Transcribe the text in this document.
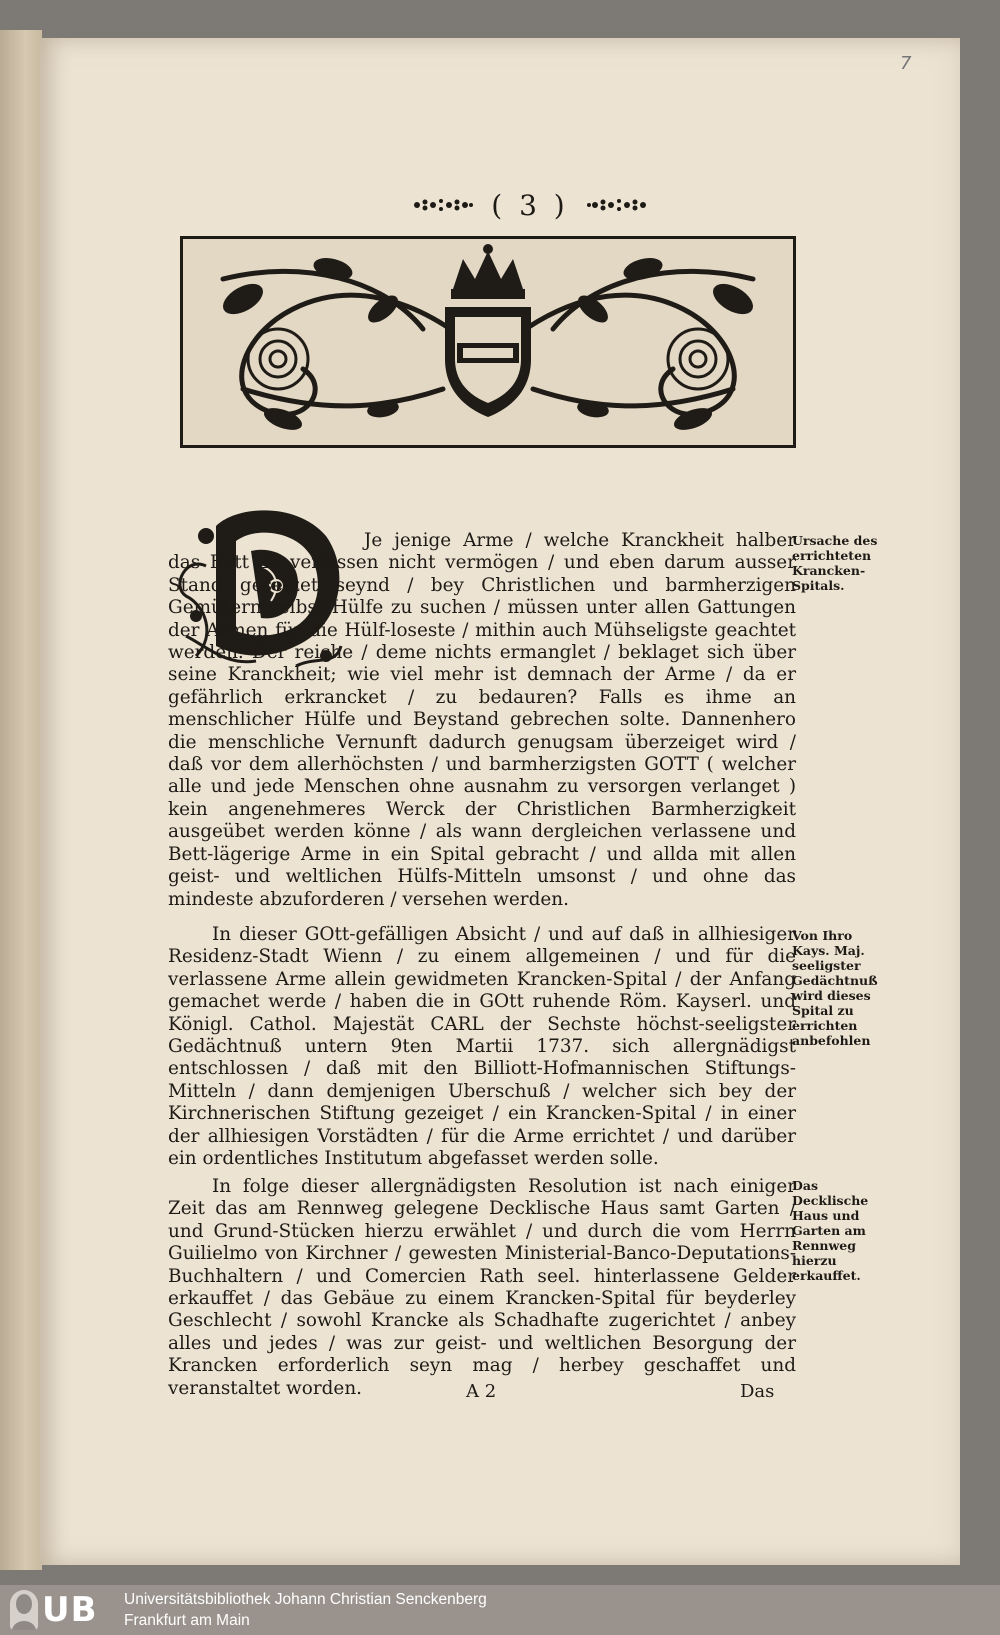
7
( 3 )

Je jenige Arme / welche Kranckheit halber das Bett zu verlassen nicht vermögen / und eben darum ausser Stand gesetzet seynd / bey Christlichen und barmherzigen Gemütern selbst Hülfe zu suchen / müssen unter allen Gattungen der Armen für die Hülf-loseste / mithin auch Mühseligste geachtet werden. Der reiche / deme nichts ermanglet / beklaget sich über seine Kranckheit; wie viel mehr ist demnach der Arme / da er gefährlich erkrancket / zu bedauren? Falls es ihme an menschlicher Hülfe und Beystand gebrechen solte. Dannenhero die menschliche Vernunft dadurch genugsam überzeiget wird / daß vor dem allerhöchsten / und barmherzigsten GOTT ( welcher alle und jede Menschen ohne ausnahm zu versorgen verlanget ) kein angenehmeres Werck der Christlichen Barmherzigkeit ausgeübet werden könne / als wann dergleichen verlassene und Bett-lägerige Arme in ein Spital gebracht / und allda mit allen geist- und weltlichen Hülfs-Mitteln umsonst / und ohne das mindeste abzuforderen / versehen werden.

In dieser GOtt-gefälligen Absicht / und auf daß in allhiesiger Residenz-Stadt Wienn / zu einem allgemeinen / und für die verlassene Arme allein gewidmeten Krancken-Spital / der Anfang gemachet werde / haben die in GOtt ruhende Röm. Kayserl. und Königl. Cathol. Majestät CARL der Sechste höchst-seeligster Gedächtnuß untern 9ten Martii 1737. sich allergnädigst entschlossen / daß mit den Billiott-Hofmannischen Stiftungs-Mitteln / dann demjenigen Uberschuß / welcher sich bey der Kirchnerischen Stiftung gezeiget / ein Krancken-Spital / in einer der allhiesigen Vorstädten / für die Arme errichtet / und darüber ein ordentliches Institutum abgefasset werden solle.

In folge dieser allergnädigsten Resolution ist nach einiger Zeit das am Rennweg gelegene Decklische Haus samt Garten / und Grund-Stücken hierzu erwählet / und durch die vom Herrn Guilielmo von Kirchner / gewesten Ministerial-Banco-Deputations-Buchhaltern / und Comercien Rath seel. hinterlassene Gelder erkauffet / das Gebäue zu einem Krancken-Spital für beyderley Geschlecht / sowohl Krancke als Schadhafte zugerichtet / anbey alles und jedes / was zur geist- und weltlichen Besorgung der Krancken erforderlich seyn mag / herbey geschaffet und veranstaltet worden.

Ursache des errichteten Krancken-Spitals.
Von Ihro Kays. Maj. seeligster Gedächtnuß wird dieses Spital zu errichten anbefohlen
Das Decklische Haus und Garten am Rennweg hierzu erkauffet.
A 2	Das
UB Universitätsbibliothek Johann Christian Senckenberg
Frankfurt am Main
